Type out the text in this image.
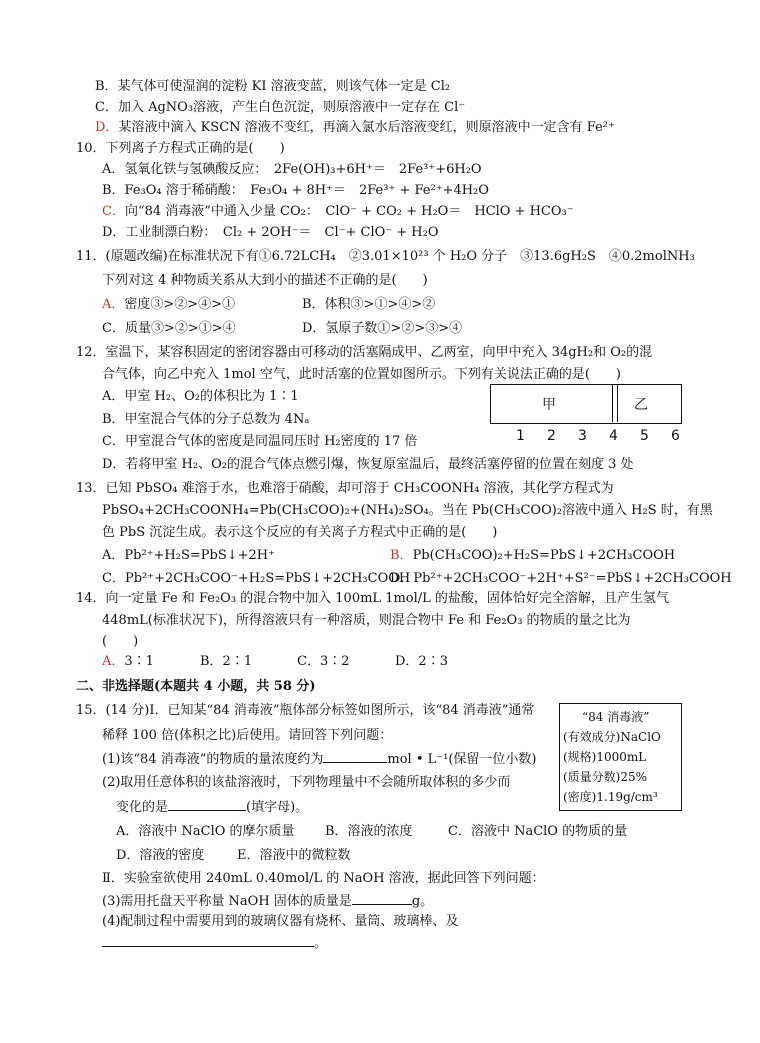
B．某气体可使湿润的淀粉 KI 溶液变蓝，则该气体一定是 Cl₂
C．加入 AgNO₃溶液，产生白色沉淀，则原溶液中一定存在 Cl⁻
D．某溶液中滴入 KSCN 溶液不变红，再滴入氯水后溶液变红，则原溶液中一定含有 Fe²⁺
10．下列离子方程式正确的是(　　)
A．氢氧化铁与氢碘酸反应：　2Fe(OH)₃+6H⁺＝　2Fe³⁺+6H₂O
B．Fe₃O₄ 溶于稀硝酸：　Fe₃O₄ + 8H⁺＝　2Fe³⁺ + Fe²⁺+4H₂O
C．向“84 消毒液”中通入少量 CO₂：　ClO⁻ + CO₂ + H₂O＝　HClO + HCO₃⁻
D．工业制漂白粉：　Cl₂ + 2OH⁻＝　Cl⁻+ ClO⁻ + H₂O
11．(原题改编)在标准状况下有①6.72LCH₄　②3.01×10²³ 个 H₂O 分子　③13.6gH₂S　④0.2molNH₃
下列对这 4 种物质关系从大到小的描述不正确的是(　　)
A．密度③>②>④>①	B．体积③>①>④>②
C．质量③>②>①>④	D．氢原子数①>②>③>④
12．室温下，某容积固定的密闭容器由可移动的活塞隔成甲、乙两室，向甲中充入 34gH₂和 O₂的混
合气体，向乙中充入 1mol 空气，此时活塞的位置如图所示。下列有关说法正确的是(　　)
A．甲室 H₂、O₂的体积比为 1∶1
B．甲室混合气体的分子总数为 4Nₐ
C．甲室混合气体的密度是同温同压时 H₂密度的 17 倍
D．若将甲室 H₂、O₂的混合气体点燃引爆，恢复原室温后，最终活塞停留的位置在刻度 3 处
甲	乙
1 2 3 4 5 6
13．已知 PbSO₄ 难溶于水，也难溶于硝酸，却可溶于 CH₃COONH₄ 溶液，其化学方程式为
PbSO₄+2CH₃COONH₄=Pb(CH₃COO)₂+(NH₄)₂SO₄。当在 Pb(CH₃COO)₂溶液中通入 H₂S 时，有黑
色 PbS 沉淀生成。表示这个反应的有关离子方程式中正确的是(　　)
A．Pb²⁺+H₂S=PbS↓+2H⁺	B．Pb(CH₃COO)₂+H₂S=PbS↓+2CH₃COOH
C．Pb²⁺+2CH₃COO⁻+H₂S=PbS↓+2CH₃COOH
D．Pb²⁺+2CH₃COO⁻+2H⁺+S²⁻=PbS↓+2CH₃COOH
14．向一定量 Fe 和 Fe₂O₃ 的混合物中加入 100mL 1mol/L 的盐酸，固体恰好完全溶解，且产生氢气
448mL(标准状况下)，所得溶液只有一种溶质，则混合物中 Fe 和 Fe₂O₃ 的物质的量之比为
(　　)
A．3∶1	B．2∶1	C．3∶2	D．2∶3
二、非选择题(本题共 4 小题，共 58 分)
15．(14 分)Ⅰ．已知某“84 消毒液”瓶体部分标签如图所示，该“84 消毒液”通常
稀释 100 倍(体积之比)后使用。请回答下列问题：
(1)该“84 消毒液”的物质的量浓度约为	mol • L⁻¹(保留一位小数)
(2)取用任意体积的该盐溶液时，下列物理量中不会随所取体积的多少而
变化的是	(填字母)。
A．溶液中 NaClO 的摩尔质量 B．溶液的浓度	C．溶液中 NaClO 的物质的量
D．溶液的密度	E．溶液中的微粒数
Ⅱ．实验室欲使用 240mL 0.40mol/L 的 NaOH 溶液，据此回答下列问题：
(3)需用托盘天平称量 NaOH 固体的质量是	g。
(4)配制过程中需要用到的玻璃仪器有烧杯、量筒、玻璃棒、及
。
“84 消毒液”
(有效成分)NaClO
(规格)1000mL
(质量分数)25%
(密度)1.19g/cm³
